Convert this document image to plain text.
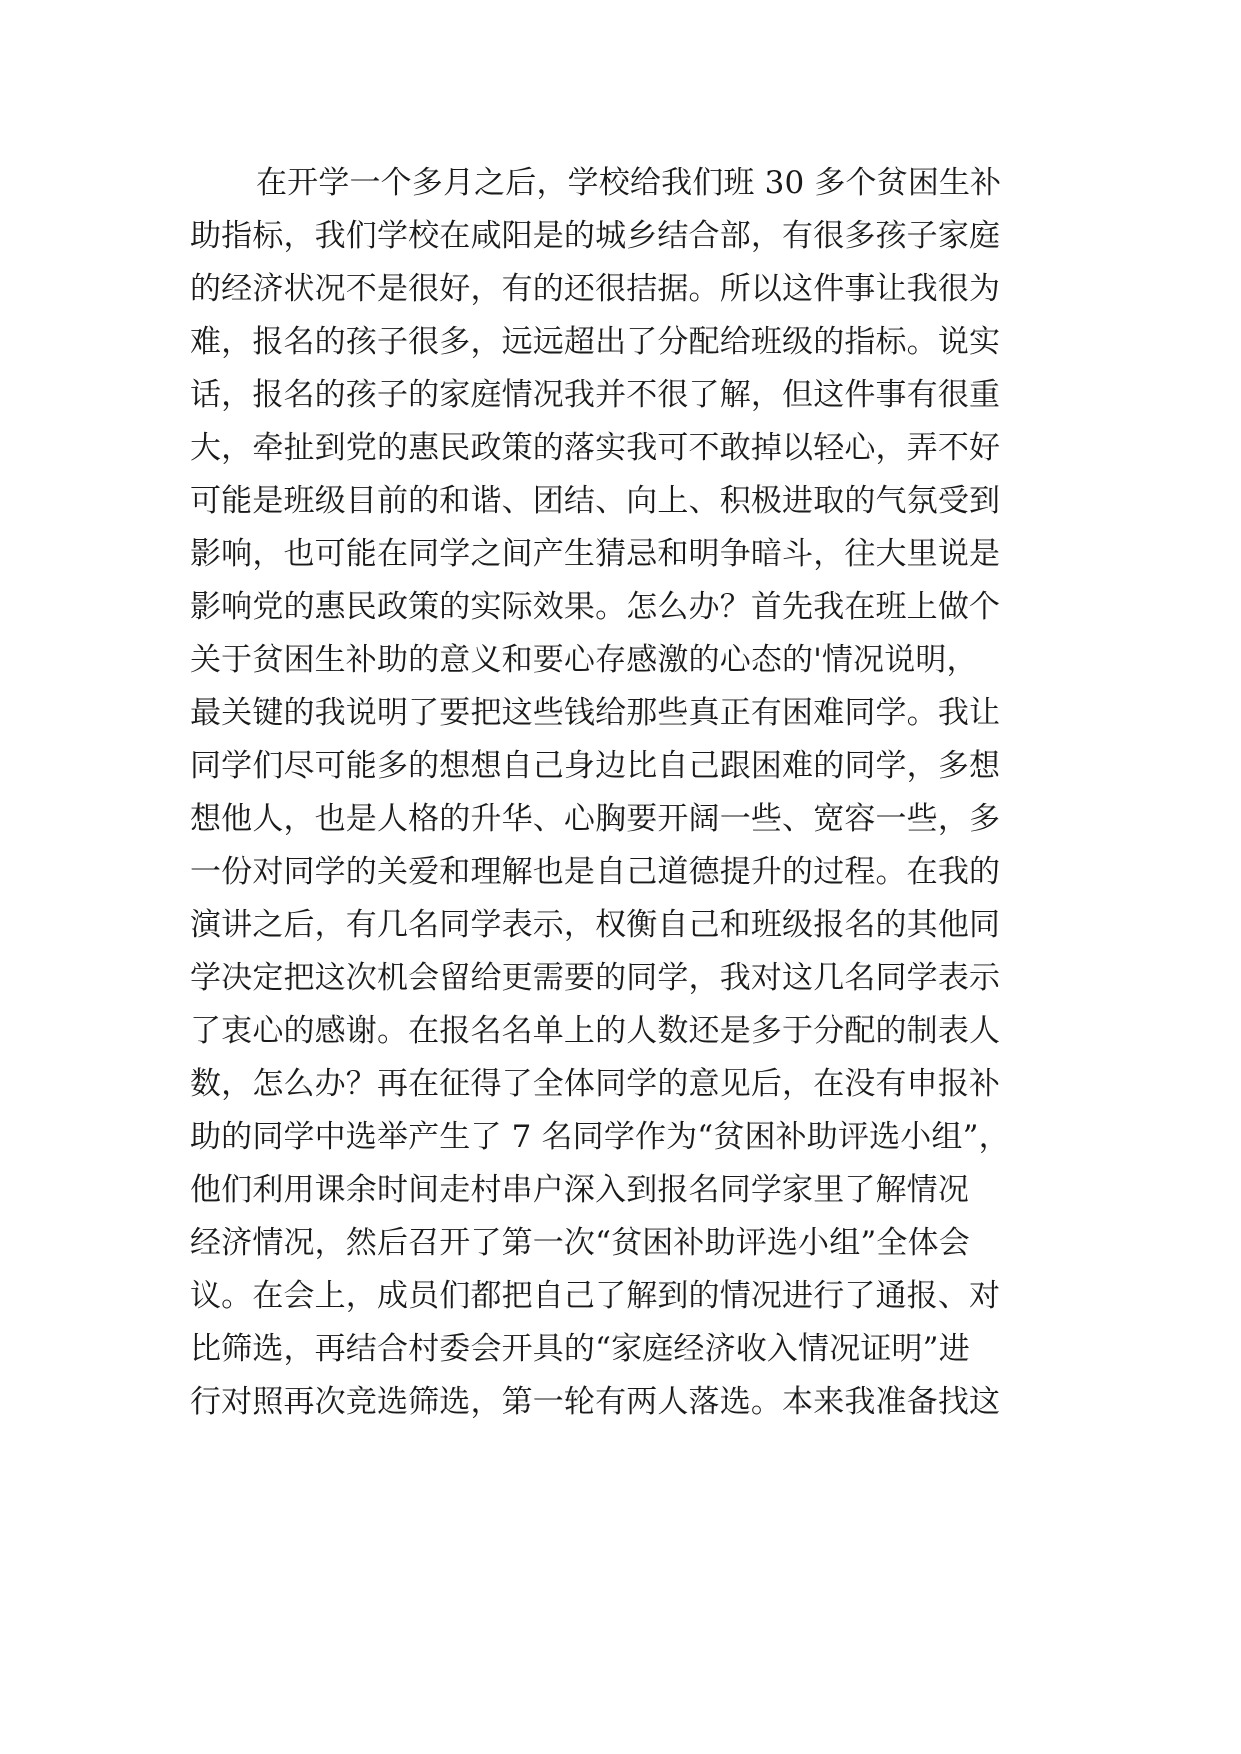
在开学一个多月之后，学校给我们班 30 多个贫困生补
助指标，我们学校在咸阳是的城乡结合部，有很多孩子家庭
的经济状况不是很好，有的还很拮据。所以这件事让我很为
难，报名的孩子很多，远远超出了分配给班级的指标。说实
话，报名的孩子的家庭情况我并不很了解，但这件事有很重
大，牵扯到党的惠民政策的落实我可不敢掉以轻心，弄不好
可能是班级目前的和谐、团结、向上、积极进取的气氛受到
影响，也可能在同学之间产生猜忌和明争暗斗，往大里说是
影响党的惠民政策的实际效果。怎么办？首先我在班上做个
关于贫困生补助的意义和要心存感激的心态的'情况说明，
最关键的我说明了要把这些钱给那些真正有困难同学。我让
同学们尽可能多的想想自己身边比自己跟困难的同学，多想
想他人，也是人格的升华、心胸要开阔一些、宽容一些，多
一份对同学的关爱和理解也是自己道德提升的过程。在我的
演讲之后，有几名同学表示，权衡自己和班级报名的其他同
学决定把这次机会留给更需要的同学，我对这几名同学表示
了衷心的感谢。在报名名单上的人数还是多于分配的制表人
数，怎么办？再在征得了全体同学的意见后，在没有申报补
助的同学中选举产生了 7 名同学作为“贫困补助评选小组”，
他们利用课余时间走村串户深入到报名同学家里了解情况
经济情况，然后召开了第一次“贫困补助评选小组”全体会
议。在会上，成员们都把自己了解到的情况进行了通报、对
比筛选，再结合村委会开具的“家庭经济收入情况证明”进
行对照再次竞选筛选，第一轮有两人落选。本来我准备找这
